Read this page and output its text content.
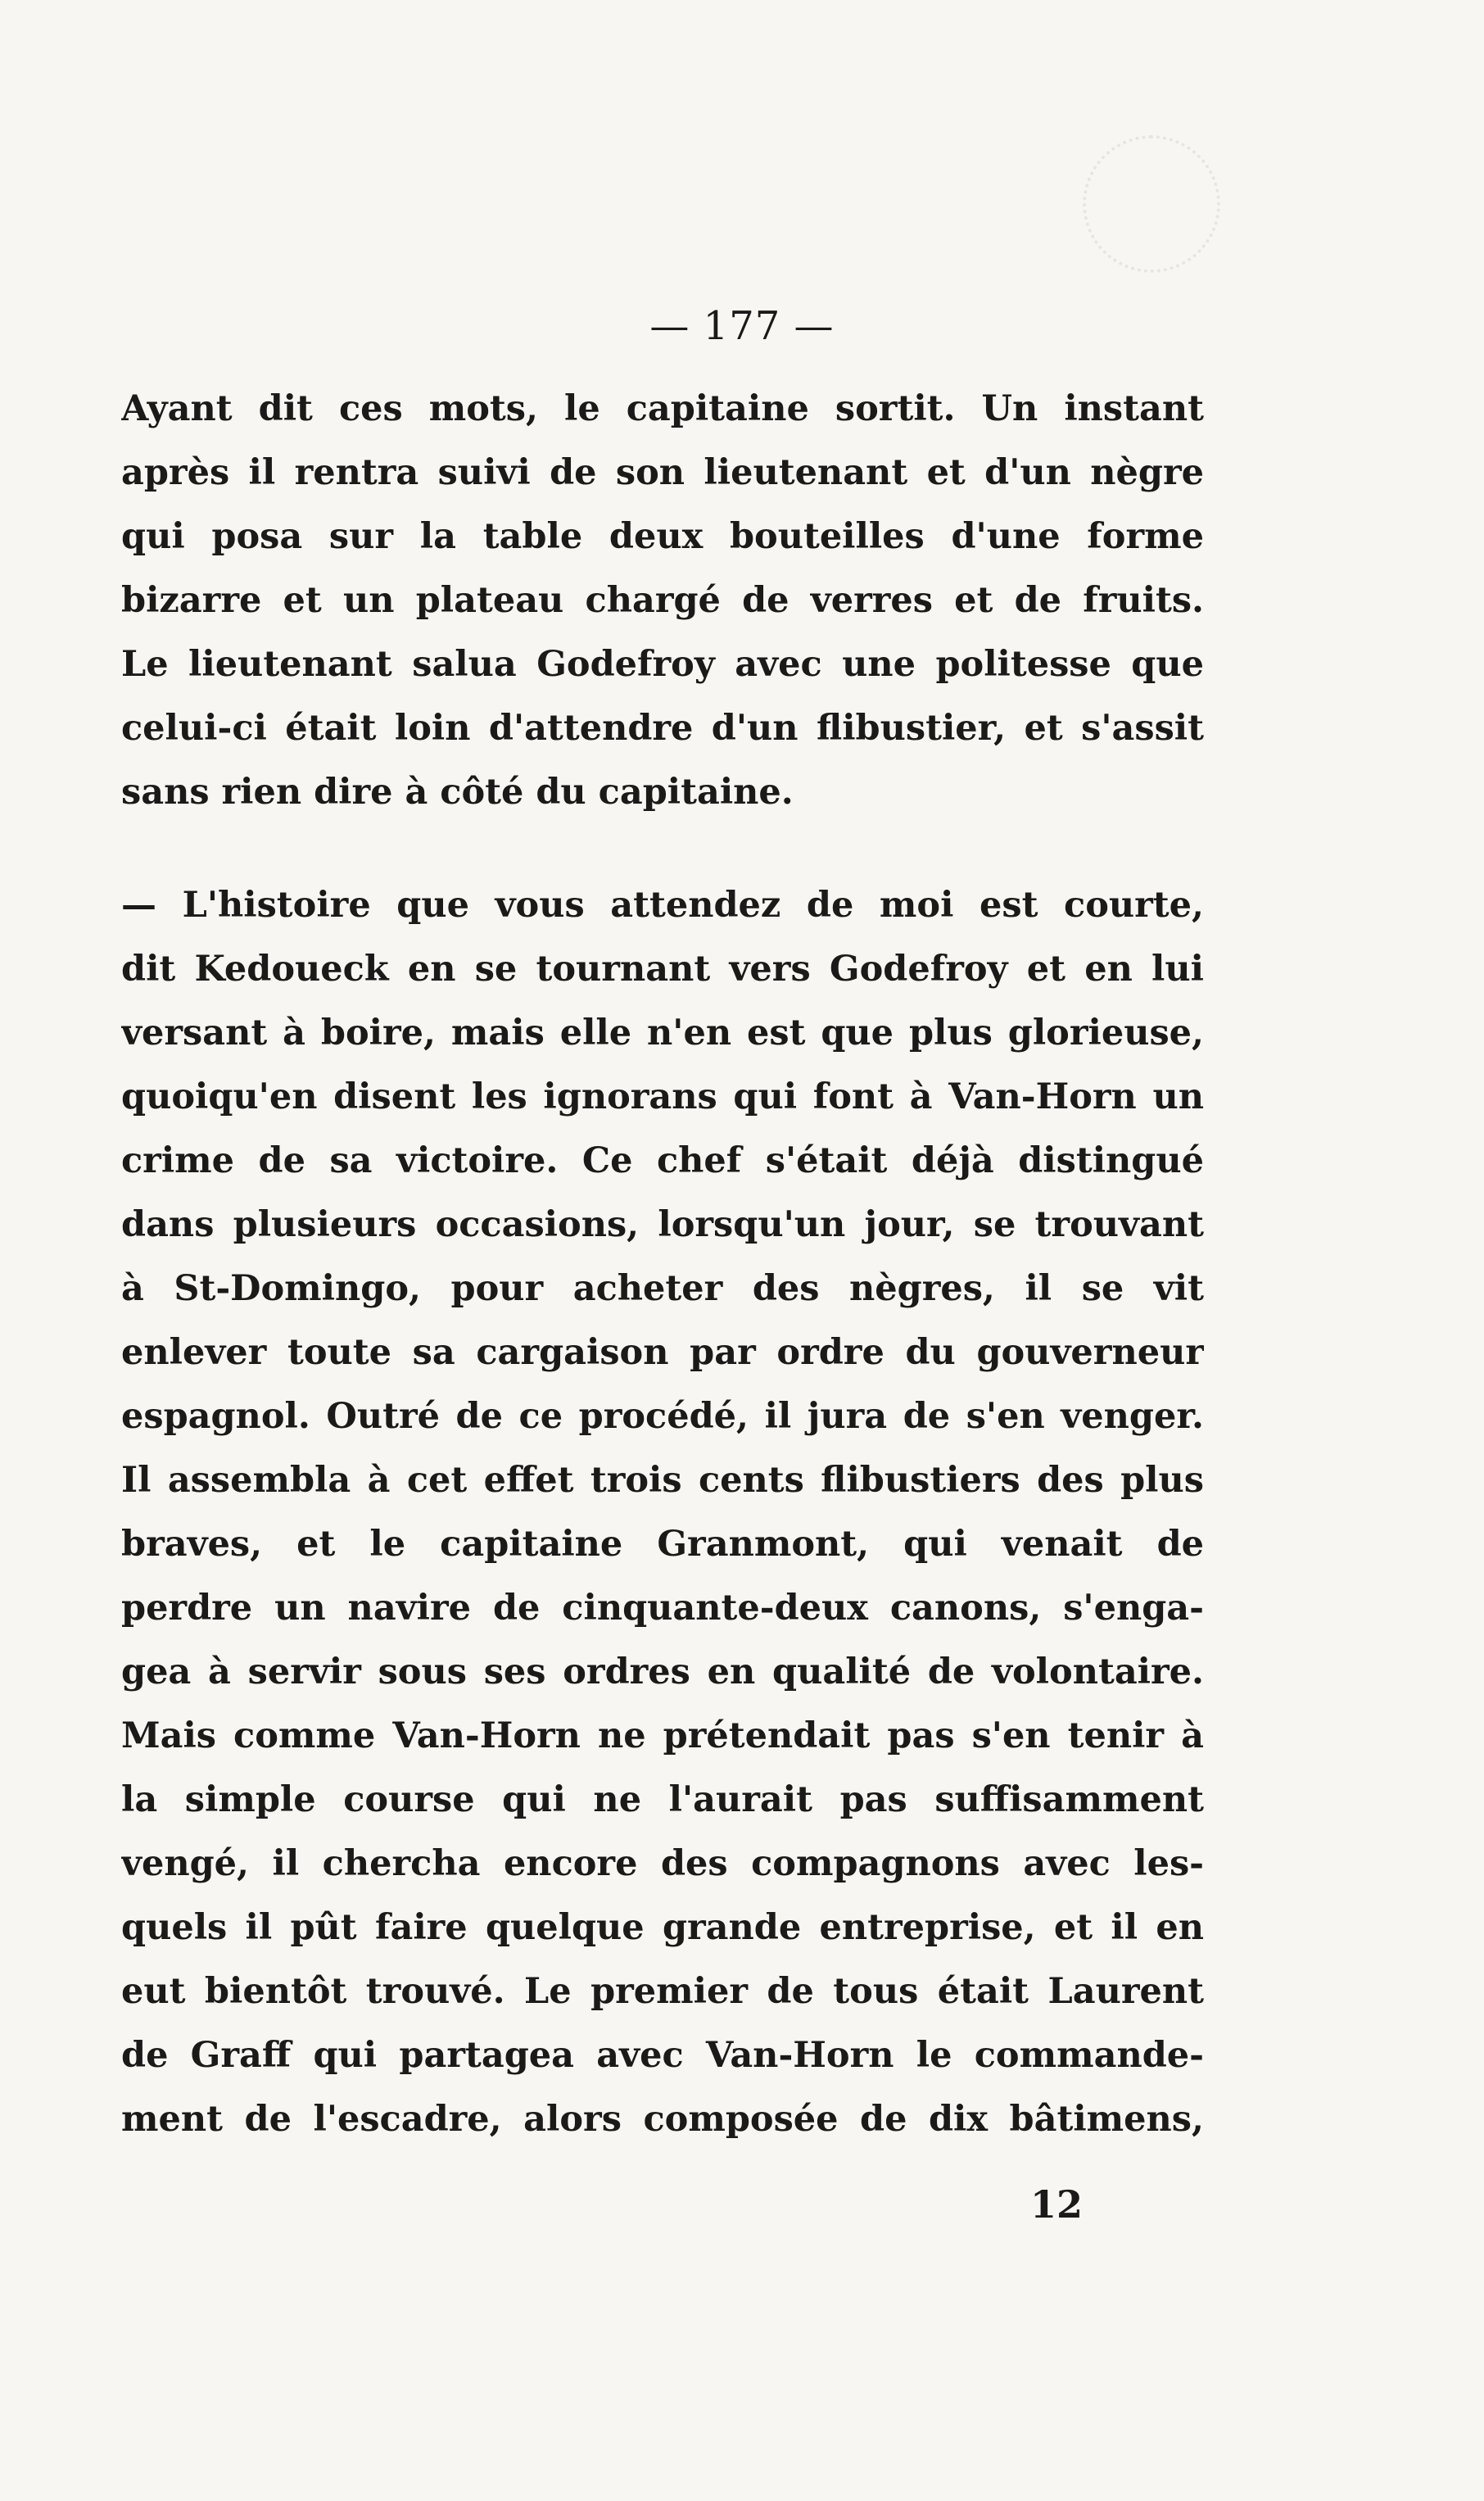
— 177 —
Ayant dit ces mots, le capitaine sortit. Un instant
après il rentra suivi de son lieutenant et d'un nègre
qui posa sur la table deux bouteilles d'une forme
bizarre et un plateau chargé de verres et de fruits.
Le lieutenant salua Godefroy avec une politesse que
celui-ci était loin d'attendre d'un flibustier, et s'assit
sans rien dire à côté du capitaine.
— L'histoire que vous attendez de moi est courte,
dit Kedoueck en se tournant vers Godefroy et en lui
versant à boire, mais elle n'en est que plus glorieuse,
quoiqu'en disent les ignorans qui font à Van-Horn un
crime de sa victoire. Ce chef s'était déjà distingué
dans plusieurs occasions, lorsqu'un jour, se trouvant
à St-Domingo, pour acheter des nègres, il se vit
enlever toute sa cargaison par ordre du gouverneur
espagnol. Outré de ce procédé, il jura de s'en venger.
Il assembla à cet effet trois cents flibustiers des plus
braves, et le capitaine Granmont, qui venait de
perdre un navire de cinquante-deux canons, s'enga-
gea à servir sous ses ordres en qualité de volontaire.
Mais comme Van-Horn ne prétendait pas s'en tenir à
la simple course qui ne l'aurait pas suffisamment
vengé, il chercha encore des compagnons avec les-
quels il pût faire quelque grande entreprise, et il en
eut bientôt trouvé. Le premier de tous était Laurent
de Graff qui partagea avec Van-Horn le commande-
ment de l'escadre, alors composée de dix bâtimens,
12
